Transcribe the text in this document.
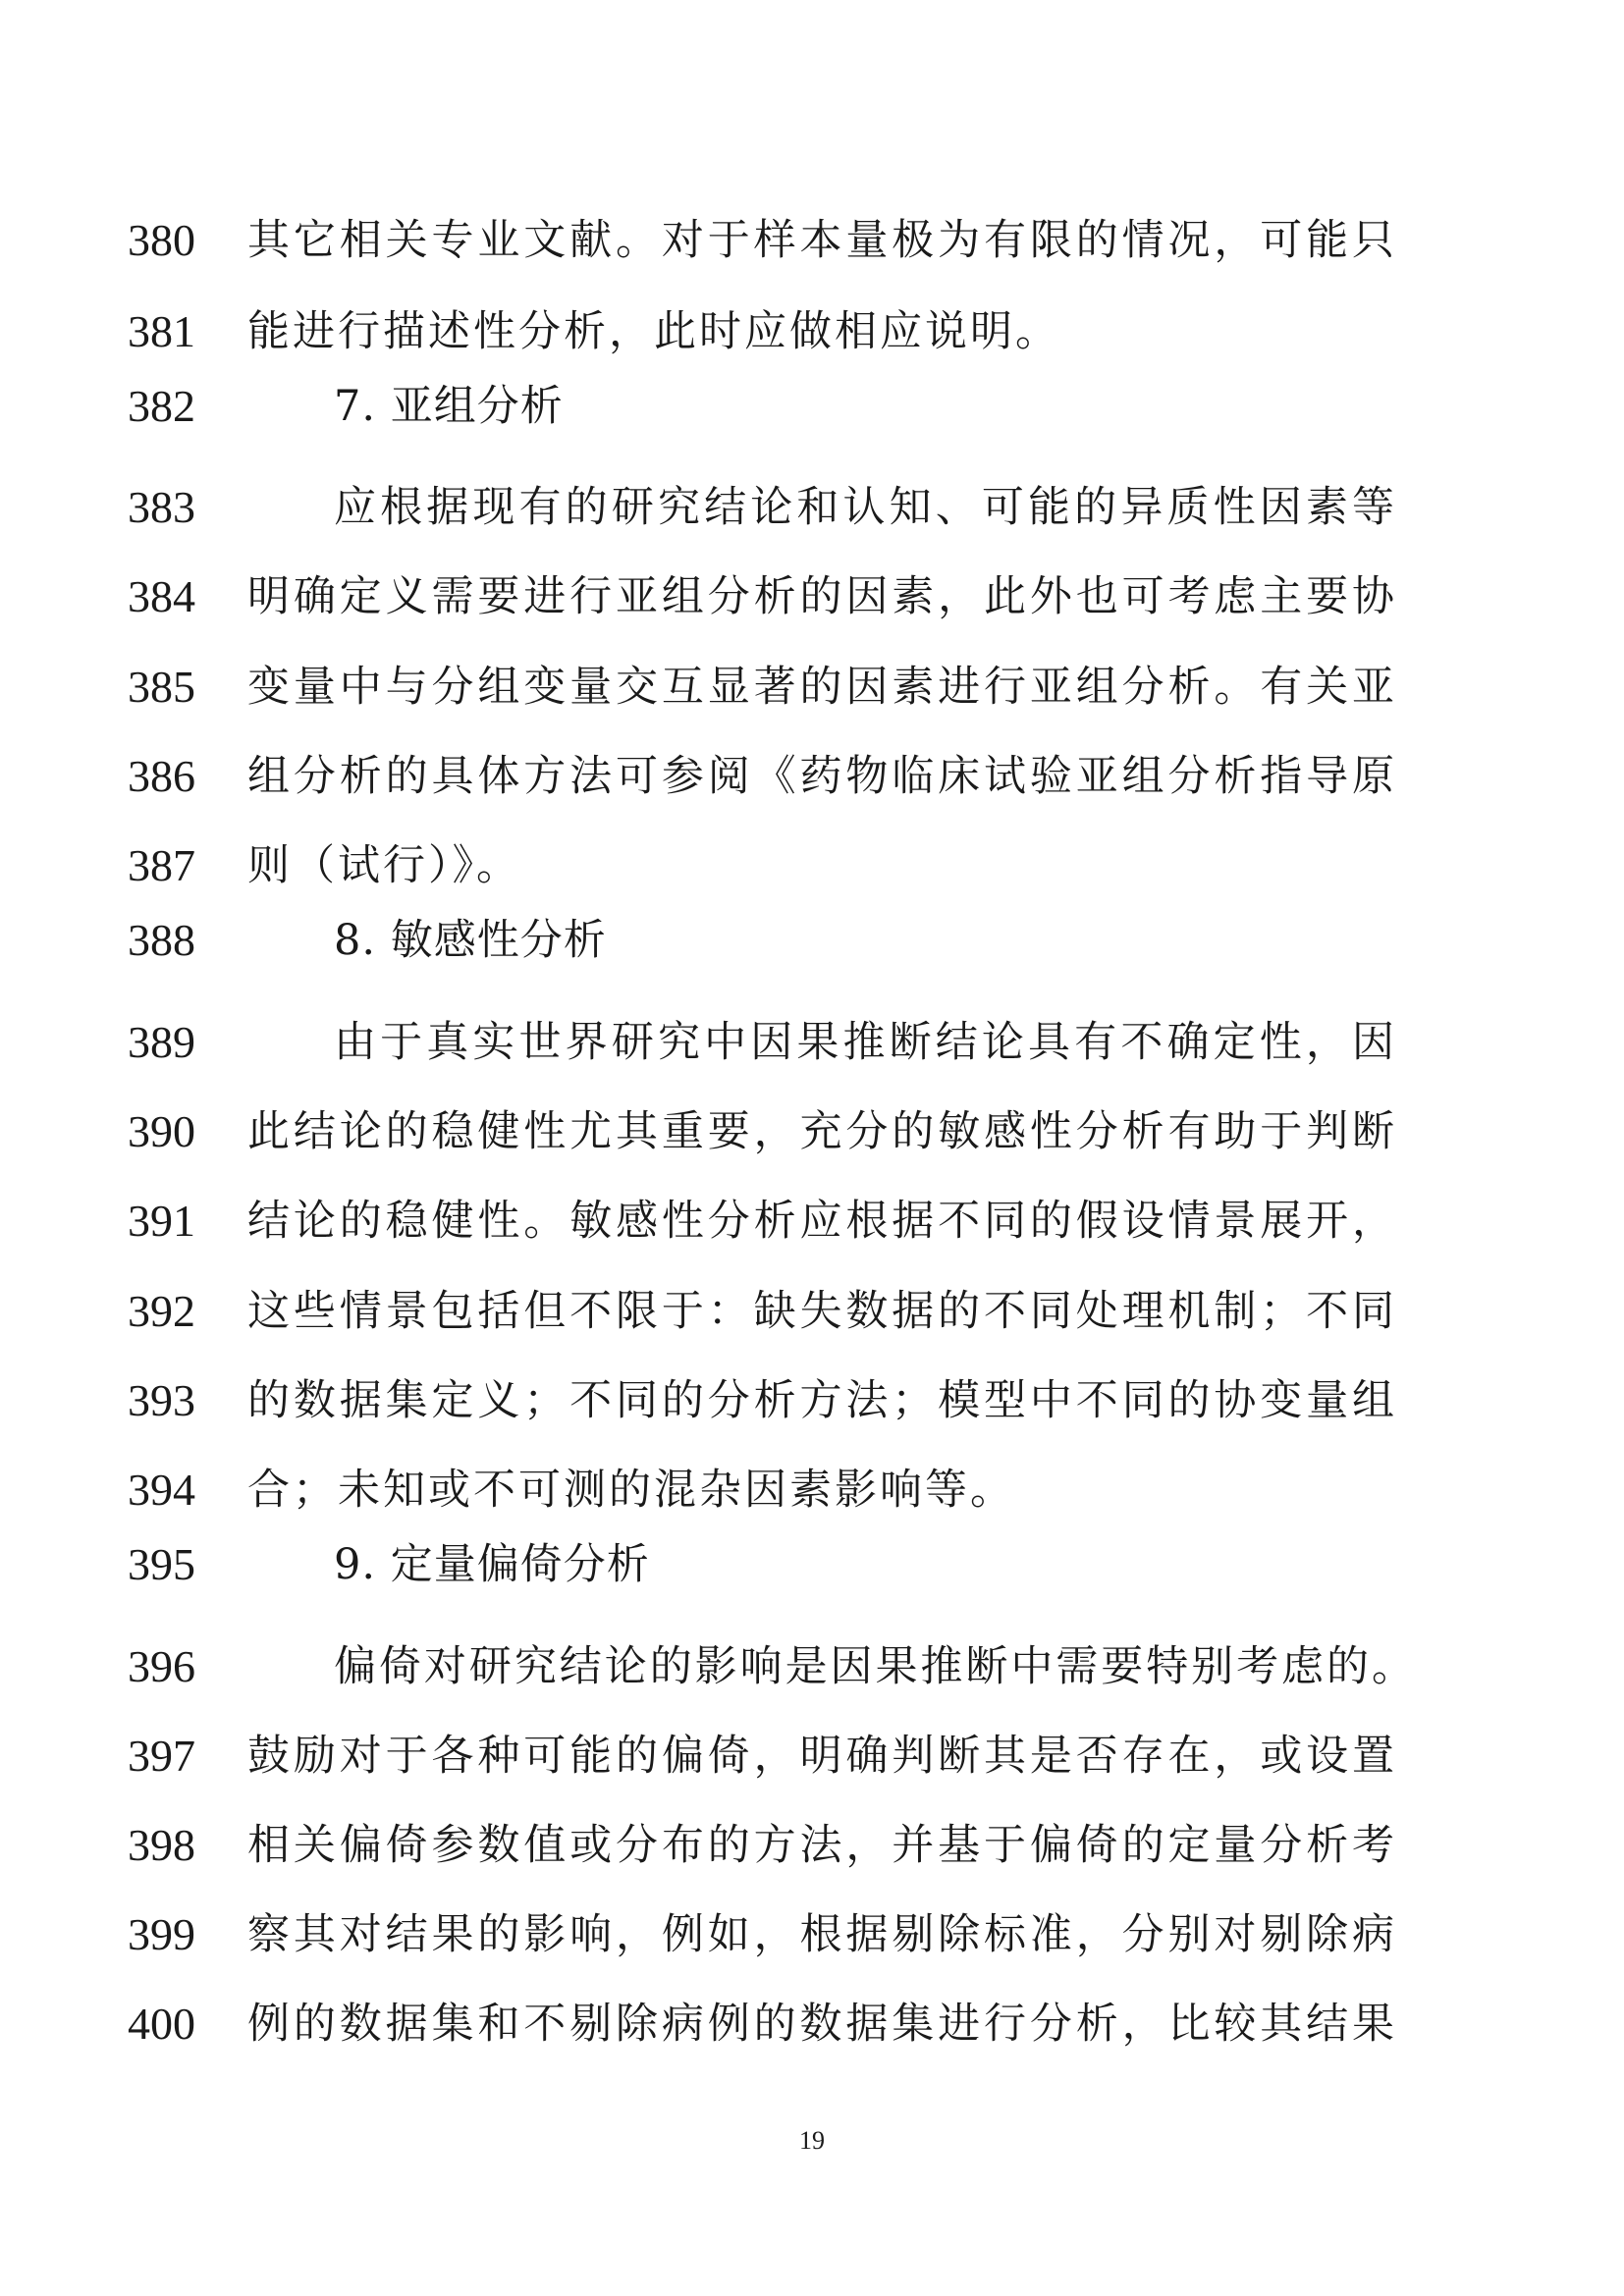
380	其它相关专业文献。对于样本量极为有限的情况，可能只
381	能进行描述性分析，此时应做相应说明。
382	7. 亚组分析
383	应根据现有的研究结论和认知、可能的异质性因素等
384	明确定义需要进行亚组分析的因素，此外也可考虑主要协
385	变量中与分组变量交互显著的因素进行亚组分析。有关亚
386	组分析的具体方法可参阅《药物临床试验亚组分析指导原
387	则（试行）》。
388	8. 敏感性分析
389	由于真实世界研究中因果推断结论具有不确定性，因
390	此结论的稳健性尤其重要，充分的敏感性分析有助于判断
391	结论的稳健性。敏感性分析应根据不同的假设情景展开，
392	这些情景包括但不限于：缺失数据的不同处理机制；不同
393	的数据集定义；不同的分析方法；模型中不同的协变量组
394	合；未知或不可测的混杂因素影响等。
395	9. 定量偏倚分析
396	偏倚对研究结论的影响是因果推断中需要特别考虑的。
397	鼓励对于各种可能的偏倚，明确判断其是否存在，或设置
398	相关偏倚参数值或分布的方法，并基于偏倚的定量分析考
399	察其对结果的影响，例如，根据剔除标准，分别对剔除病
400	例的数据集和不剔除病例的数据集进行分析，比较其结果
19
